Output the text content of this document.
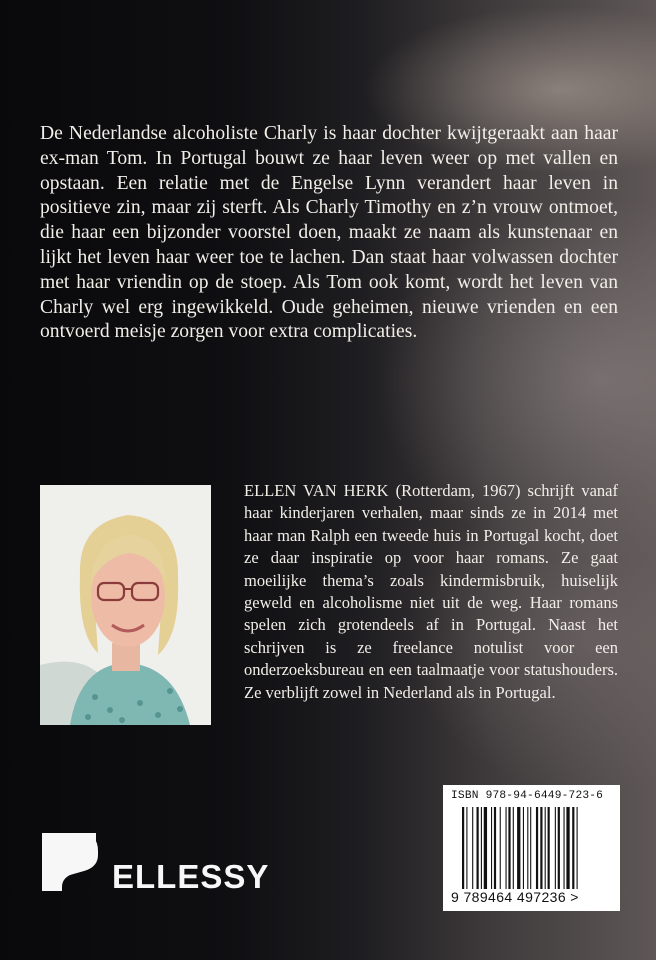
De Nederlandse alcoholiste Charly is haar dochter kwijtgeraakt aan haar ex-man Tom. In Portugal bouwt ze haar leven weer op met vallen en opstaan. Een relatie met de Engelse Lynn verandert haar leven in positieve zin, maar zij sterft. Als Charly Timothy en z’n vrouw ontmoet, die haar een bijzonder voorstel doen, maakt ze naam als kunstenaar en lijkt het leven haar weer toe te lachen. Dan staat haar volwassen dochter met haar vriendin op de stoep. Als Tom ook komt, wordt het leven van Charly wel erg ingewikkeld. Oude geheimen, nieuwe vrienden en een ontvoerd meisje zorgen voor extra complicaties.

ELLEN VAN HERK (Rotterdam, 1967) schrijft vanaf haar kinderjaren verhalen, maar sinds ze in 2014 met haar man Ralph een tweede huis in Portugal kocht, doet ze daar inspiratie op voor haar romans. Ze gaat moeilijke thema’s zoals kindermisbruik, huiselijk geweld en alcoholisme niet uit de weg. Haar romans spelen zich grotendeels af in Portugal. Naast het schrijven is ze freelance notulist voor een onderzoeksbureau en een taalmaatje voor statushouders. Ze verblijft zowel in Nederland als in Portugal.

ELLESSY
ISBN 978-94-6449-723-6
9 789464 497236 >
